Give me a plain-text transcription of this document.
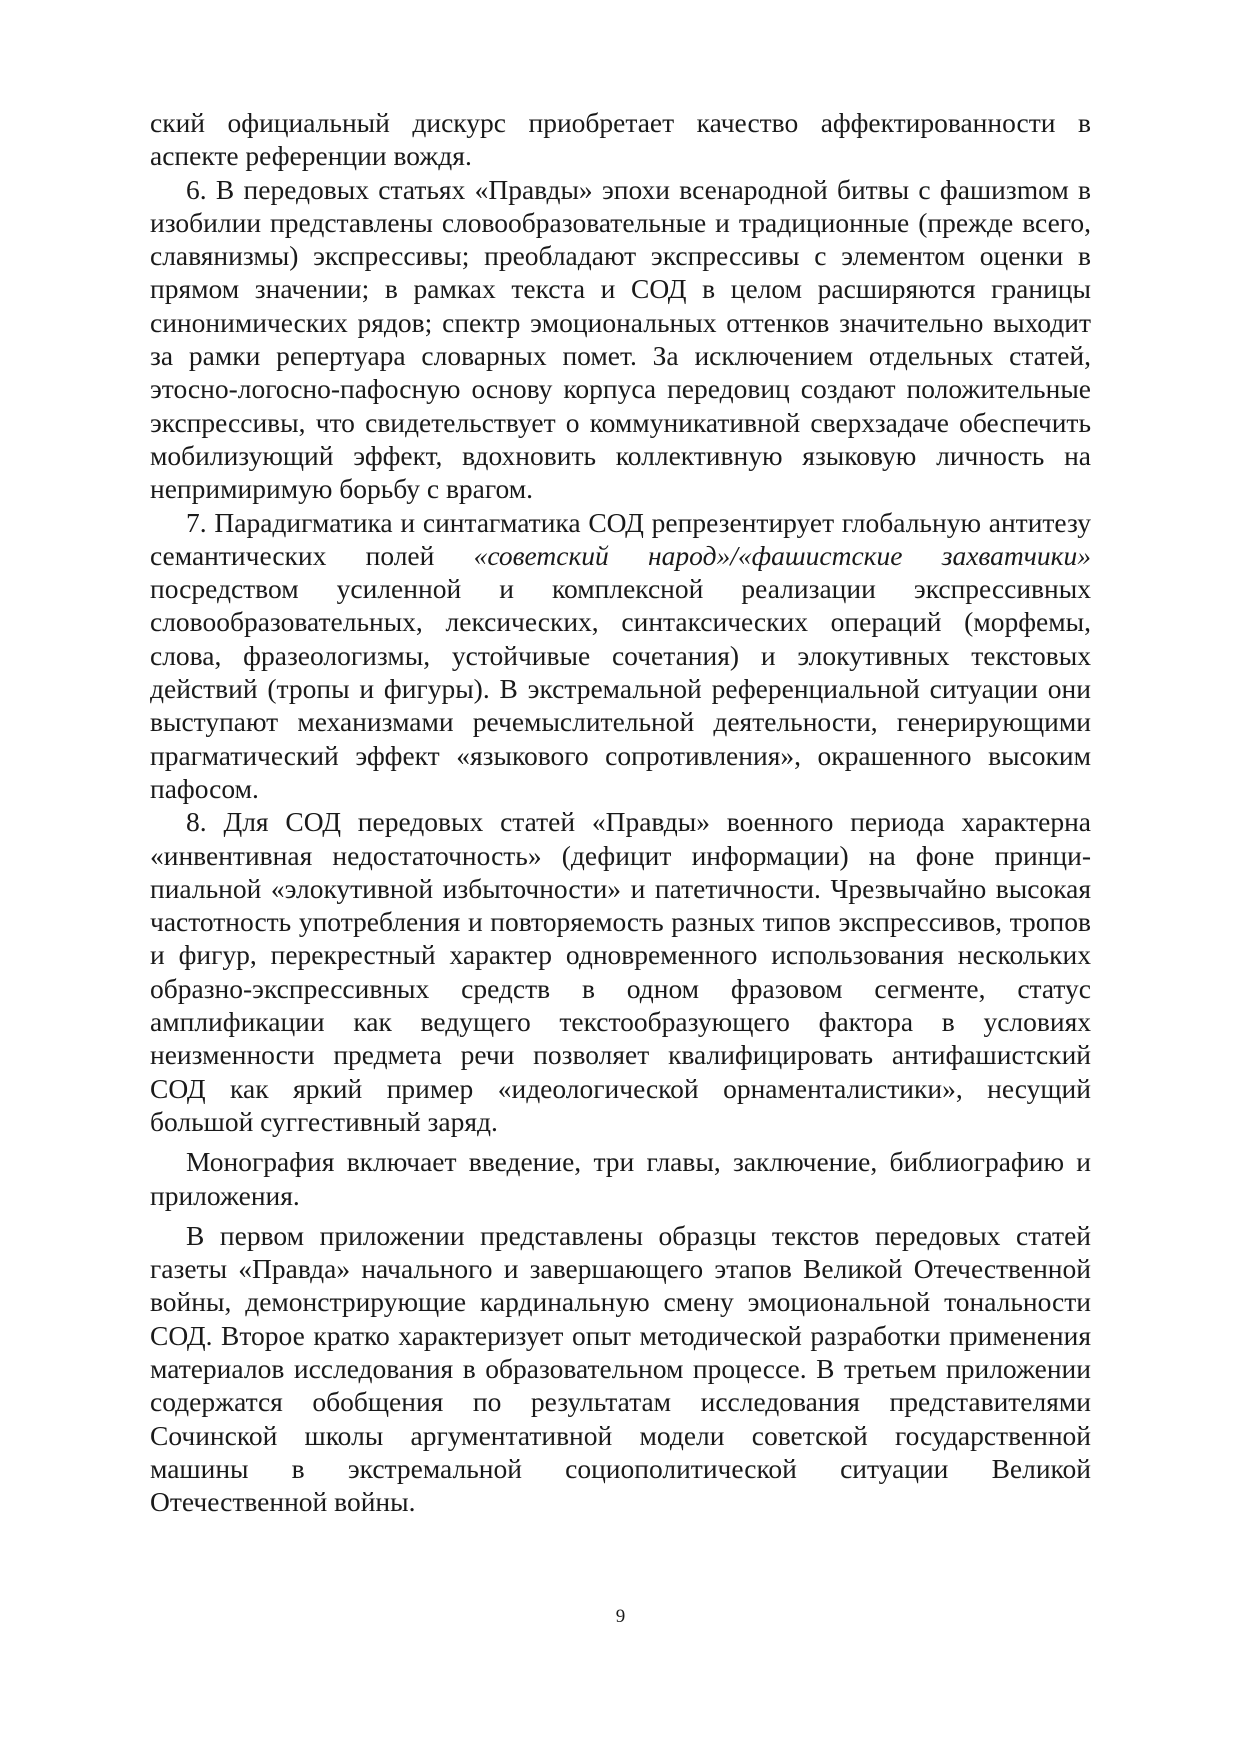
ский официальный дискурс приобретает качество аффектированности в аспекте референции вождя.

6. В передовых статьях «Правды» эпохи всенародной битвы с фашизmом в изобилии представлены словообразовательные и традиционные (прежде всего, славянизмы) экспрессивы; преобладают экспрессивы с элементом оценки в прямом значении; в рамках текста и СОД в целом расширяются границы синонимических рядов; спектр эмоциональных оттенков значительно выходит за рамки репертуара словарных помет. За исключением отдельных статей, этосно-логосно-пафосную основу корпуса передовиц создают положительные экспрессивы, что свидетельствует о коммуникативной сверхзадаче обеспечить мобилизующий эффект, вдохновить коллективную языковую личность на непримиримую борьбу с врагом.

7. Парадигматика и синтагматика СОД репрезентирует глобальную антитезу семантических полей «советский народ»/«фашистские захватчики» посредством усиленной и комплексной реализации экспрессивных словообразовательных, лексических, синтаксических операций (морфемы, слова, фразеологизмы, устойчивые сочетания) и элокутивных текстовых действий (тропы и фигуры). В экстремальной референциальной ситуации они выступают механизмами речемыслительной деятельности, генерирующими прагматический эффект «языкового сопротивления», окрашенного высоким пафосом.

8. Для СОД передовых статей «Правды» военного периода характерна «инвентивная недостаточность» (дефицит информации) на фоне принципиальной «элокутивной избыточности» и патетичности. Чрезвычайно высокая частотность употребления и повторяемость разных типов экспрессивов, тропов и фигур, перекрестный характер одновременного использования нескольких образно-экспрессивных средств в одном фразовом сегменте, статус амплификации как ведущего текстообразующего фактора в условиях неизменности предмета речи позволяет квалифицировать антифашистский СОД как яркий пример «идеологической орнаменталистики», несущий большой суггестивный заряд.

Монография включает введение, три главы, заключение, библиографию и приложения.

В первом приложении представлены образцы текстов передовых статей газеты «Правда» начального и завершающего этапов Великой Отечественной войны, демонстрирующие кардинальную смену эмоциональной тональности СОД. Второе кратко характеризует опыт методической разработки применения материалов исследования в образовательном процессе. В третьем приложении содержатся обобщения по результатам исследования представителями Сочинской школы аргументативной модели советской государственной машины в экстремальной социополитической ситуации Великой Отечественной войны.

9
